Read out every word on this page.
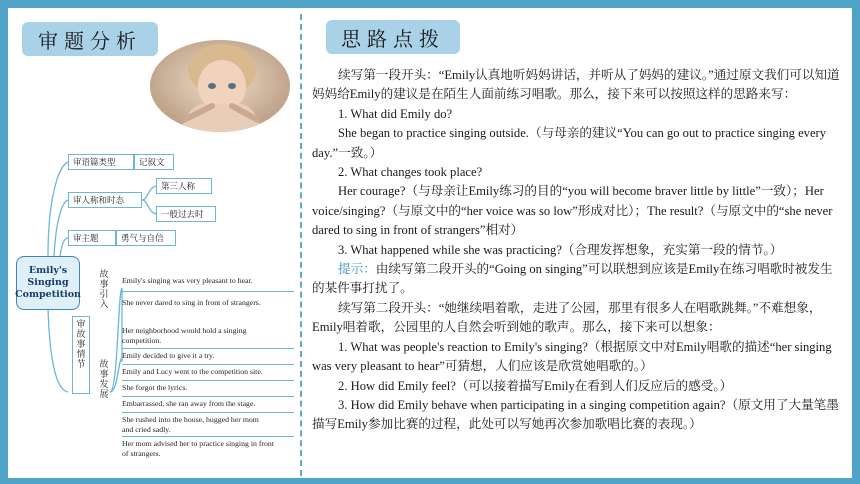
审题分析	思路点拨
Emily's Singing Competition
审语篇类型	记叙文
审人称和时态
第三人称
一般过去时
审主题	勇气与自信
审故事情节
故事引入
故事发展
Emily's singing was very pleasant to hear.
She never dared to sing in front of strangers.
Her neighborhood would hold a singing competition.
Emily decided to give it a try.
Emily and Lucy went to the competition site.
She forgot the lyrics.
Embarrassed, she ran away from the stage.
She rushed into the house, hugged her mom and cried sadly.
Her mom advised her to practice singing in front of strangers.

续写第一段开头：“Emily认真地听妈妈讲话，并听从了妈妈的建议。”通过原文我们可以知道妈妈给Emily的建议是在陌生人面前练习唱歌。那么，接下来可以按照这样的思路来写：

1. What did Emily do?

She began to practice singing outside.（与母亲的建议“You can go out to practice singing every day.”一致。）

2. What changes took place?

Her courage?（与母亲让Emily练习的目的“you will become braver little by little”一致）；Her voice/singing?（与原文中的“her voice was so low”形成对比）；The result?（与原文中的“she never dared to sing in front of strangers”相对）

3. What happened while she was practicing?（合理发挥想象，充实第一段的情节。）

提示：由续写第二段开头的“Going on singing”可以联想到应该是Emily在练习唱歌时被发生的某件事打扰了。

续写第二段开头：“她继续唱着歌，走进了公园，那里有很多人在唱歌跳舞。”不难想象，Emily唱着歌，公园里的人自然会听到她的歌声。那么，接下来可以想象：

1. What was people's reaction to Emily's singing?（根据原文中对Emily唱歌的描述“her singing was very pleasant to hear”可猜想，人们应该是欣赏她唱歌的。）

2. How did Emily feel?（可以接着描写Emily在看到人们反应后的感受。）

3. How did Emily behave when participating in a singing competition again?（原文用了大量笔墨描写Emily参加比赛的过程，此处可以写她再次参加歌唱比赛的表现。）
